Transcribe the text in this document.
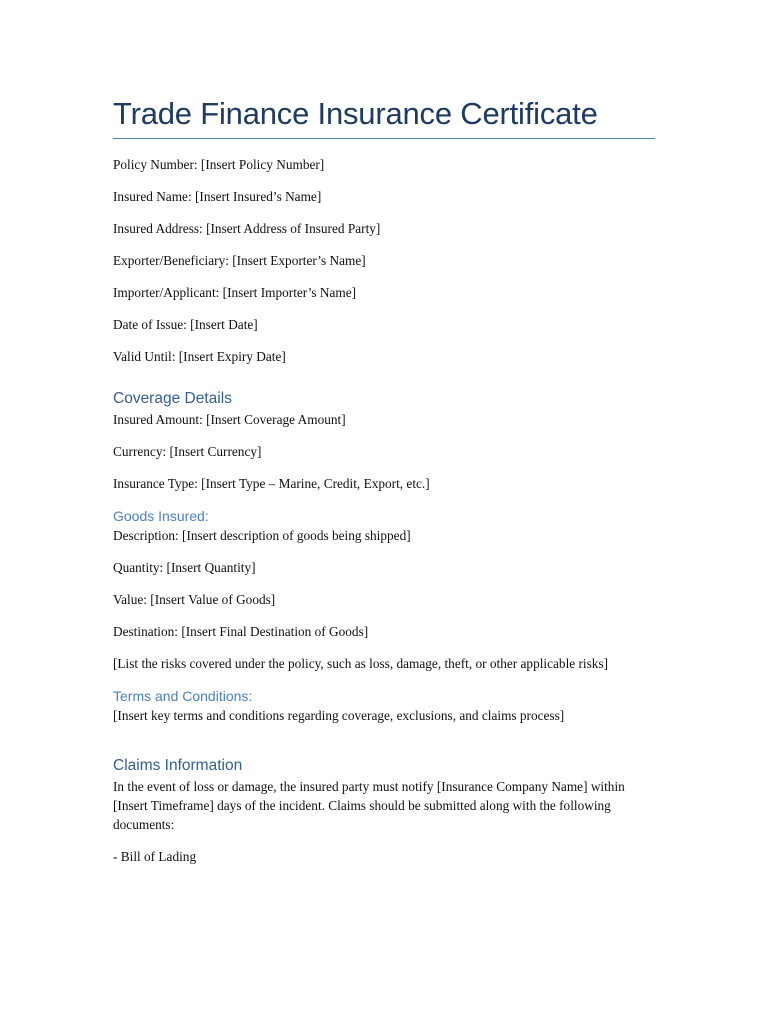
Trade Finance Insurance Certificate

Policy Number: [Insert Policy Number]

Insured Name: [Insert Insured’s Name]

Insured Address: [Insert Address of Insured Party]

Exporter/Beneficiary: [Insert Exporter’s Name]

Importer/Applicant: [Insert Importer’s Name]

Date of Issue: [Insert Date]

Valid Until: [Insert Expiry Date]

Coverage Details

Insured Amount: [Insert Coverage Amount]

Currency: [Insert Currency]

Insurance Type: [Insert Type – Marine, Credit, Export, etc.]

Goods Insured:

Description: [Insert description of goods being shipped]

Quantity: [Insert Quantity]

Value: [Insert Value of Goods]

Destination: [Insert Final Destination of Goods]

[List the risks covered under the policy, such as loss, damage, theft, or other applicable risks]

Terms and Conditions:

[Insert key terms and conditions regarding coverage, exclusions, and claims process]

Claims Information

In the event of loss or damage, the insured party must notify [Insurance Company Name] within [Insert Timeframe] days of the incident. Claims should be submitted along with the following documents:

- Bill of Lading
